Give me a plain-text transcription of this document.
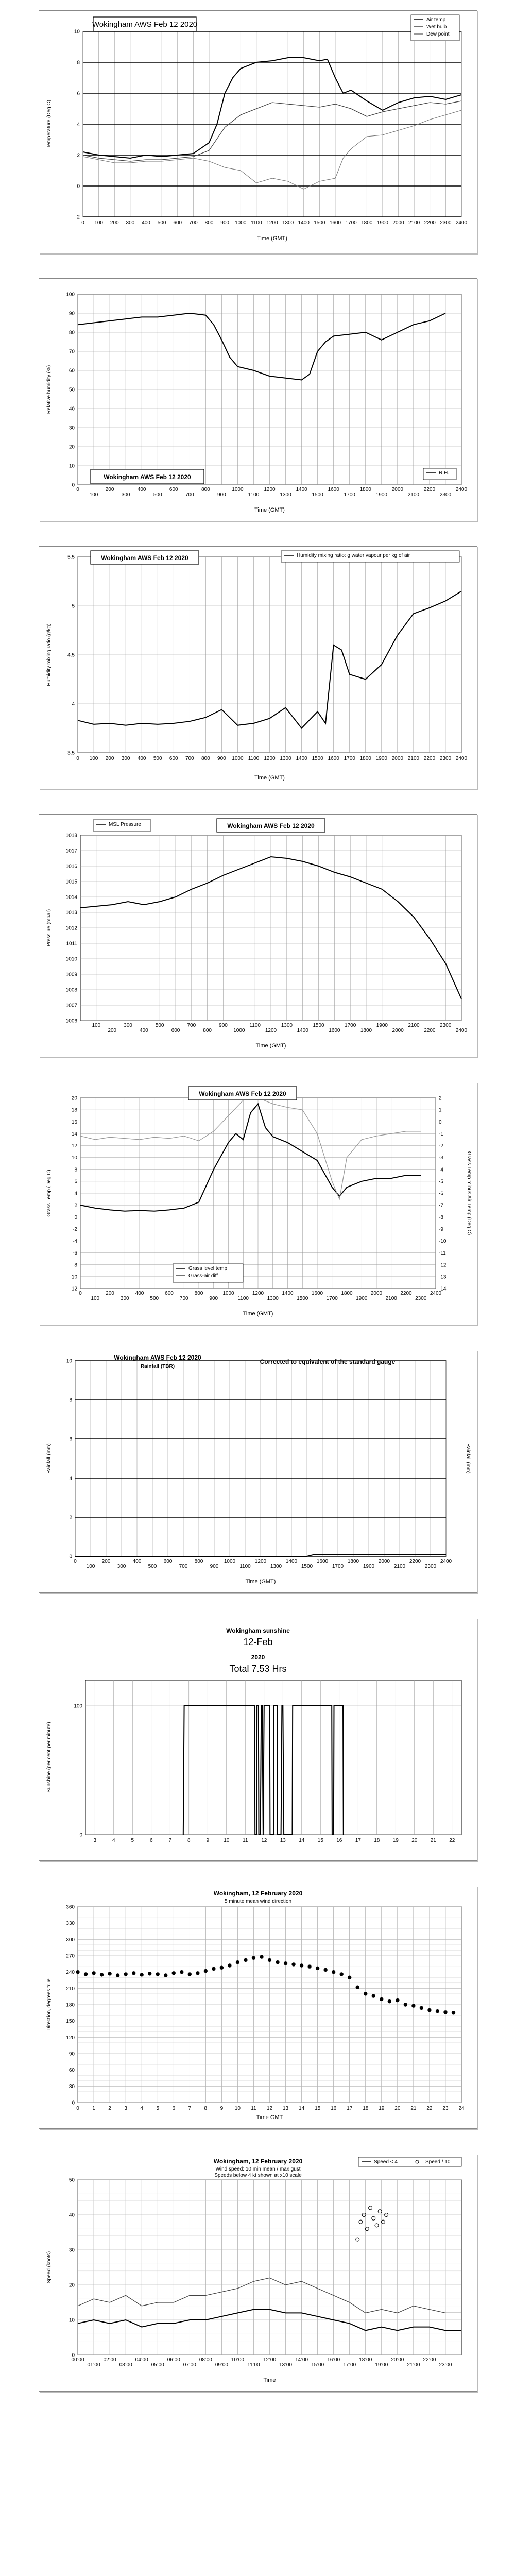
0 100 200 300 400 500 600 700 800 900 1000 1100 1200 1300 1400 1500 1600 1700 1800 1900 2000 2100 2200 2300 2400
-2
0
2
4
6
8
10
Time (GMT)
Temperature (Deg C)
Wokingham AWS Feb 12 2020
Air temp
Wet bulb
Dew point
0
100
200
300
400
500
600
700
800
900
1000
1100
1200
1300
1400
1500
1600
1700
1800
1900
2000
2100
2200
2300
2400
0
10
20
30
40
50
60
70
80
90
100
Time (GMT)
Relative humidity (%)
Wokingham AWS Feb 12 2020
R.H.
0 100 200 300 400 500 600 700 800 900 1000 1100 1200 1300 1400 1500 1600 1700 1800 1900 2000 2100 2200 2300 2400
3.5
4
4.5
5
5.5
Time (GMT)
Humidity mixing ratio (g/kg)
Wokingham AWS Feb 12 2020	Humidity mixing ratio: g water vapour per kg of air
100
200
300
400
500
600
700
800
900
1000
1100
1200
1300
1400
1500
1600
1700
1800
1900
2000
2100
2200
2300
2400
1006
1007
1008
1009
1010
1011
1012
1013
1014
1015
1016
1017
1018
Time (GMT)
Pressure (mbar)
Wokingham AWS Feb 12 2020
MSL Pressure
0
100
200
300
400
500
600
700
800
900
1000
1100
1200
1300
1400
1500
1600
1700
1800
1900
2000
2100
2200
2300
2400
-12
-10
-8
-6
-4
-2
0
2
4
6
8
10
12
14
16
18
20
-14
-13
-12
-11
-10
-9
-8
-7
-6
-5
-4
-3
-2
-1
0
1
2
Grass Temp minus Air Temp (Deg C)
Time (GMT)
Grass Temp (Deg C)
Wokingham AWS Feb 12 2020
Grass level temp
Grass-air diff
0
100
200
300
400
500
600
700
800
900
1000
1100
1200
1300
1400
1500
1600
1700
1800
1900
2000
2100
2200
2300
2400
0
2
4
6
8
10
Rainfall (mm)
Time (GMT)
Rainfall (mm)
Wokingham AWS Feb 12 2020
Rainfall (TBR)
Corrected to equivalent of the standard gauge
3	4	5	6	7	8	9	10	11	12	13	14	15	16	17	18	19	20	21	22
0
100
Sunshine (per cent per minute)
Wokingham sunshine
12-Feb
2020
Total 7.53 Hrs
0	1	2	3	4	5	6	7	8	9 10 11 12 13 14 15 16 17 18 19 20 21 22 23 24
0
30
60
90
120
150
180
210
240
270
300
330
360
Time GMT
Direction, degrees true
Wokingham, 12 February 2020
5 minute mean wind direction
00:00
01:00
02:00
03:00
04:00
05:00
06:00
07:00
08:00
09:00
10:00
11:00
12:00
13:00
14:00
15:00
16:00
17:00
18:00
19:00
20:00
21:00
22:00
23:00
0
10
20
30
40
50
Time
Speed (knots)
Wokingham, 12 February 2020
Wind speed: 10 min mean / max gust
Speeds below 4 kt shown at x10 scale
Speed < 4	Speed / 10
